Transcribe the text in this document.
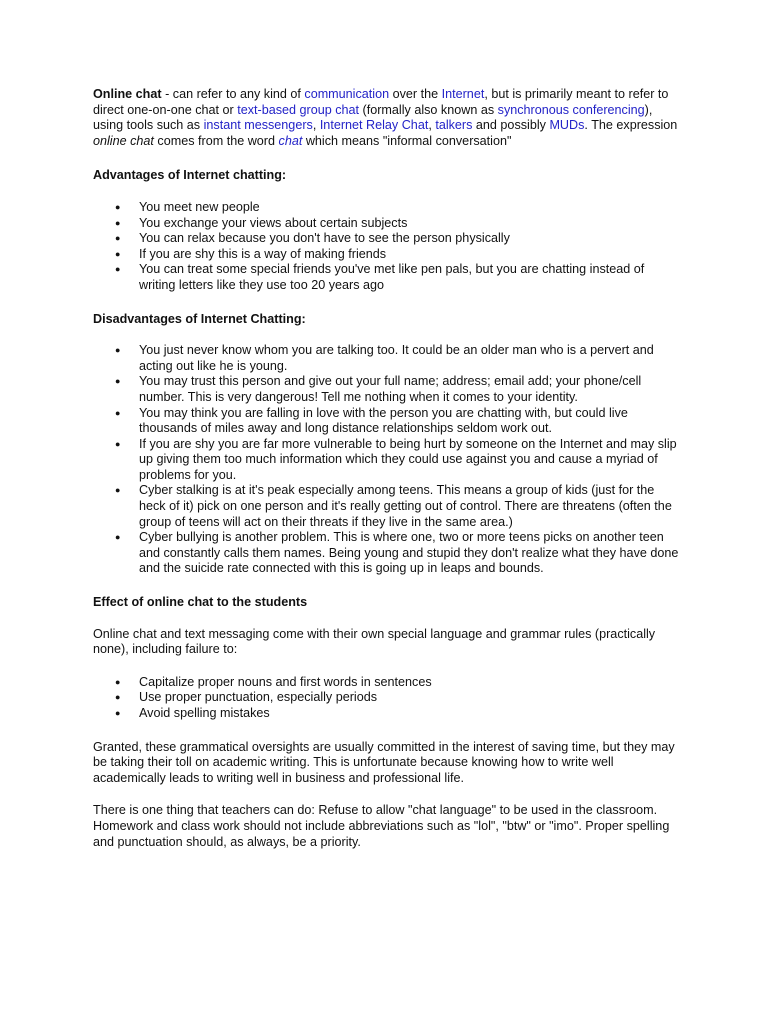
Online chat - can refer to any kind of communication over the Internet, but is primarily meant to refer to direct one-on-one chat or text-based group chat (formally also known as synchronous conferencing), using tools such as instant messengers, Internet Relay Chat, talkers and possibly MUDs. The expression online chat comes from the word chat which means "informal conversation"

Advantages of Internet chatting:
● You meet new people
● You exchange your views about certain subjects
● You can relax because you don't have to see the person physically
● If you are shy this is a way of making friends
● You can treat some special friends you've met like pen pals, but you are chatting instead of writing letters like they use too 20 years ago
Disadvantages of Internet Chatting:
● You just never know whom you are talking too. It could be an older man who is a pervert and acting out like he is young.
● You may trust this person and give out your full name; address; email add; your phone/cell number. This is very dangerous! Tell me nothing when it comes to your identity.
● You may think you are falling in love with the person you are chatting with, but could live thousands of miles away and long distance relationships seldom work out.
● If you are shy you are far more vulnerable to being hurt by someone on the Internet and may slip up giving them too much information which they could use against you and cause a myriad of problems for you.
● Cyber stalking is at it's peak especially among teens. This means a group of kids (just for the heck of it) pick on one person and it's really getting out of control. There are threatens (often the group of teens will act on their threats if they live in the same area.)
● Cyber bullying is another problem. This is where one, two or more teens picks on another teen and constantly calls them names. Being young and stupid they don't realize what they have done and the suicide rate connected with this is going up in leaps and bounds.
Effect of online chat to the students

Online chat and text messaging come with their own special language and grammar rules (practically none), including failure to:

● Capitalize proper nouns and first words in sentences
● Use proper punctuation, especially periods
● Avoid spelling mistakes

Granted, these grammatical oversights are usually committed in the interest of saving time, but they may be taking their toll on academic writing. This is unfortunate because knowing how to write well academically leads to writing well in business and professional life.

There is one thing that teachers can do: Refuse to allow "chat language" to be used in the classroom. Homework and class work should not include abbreviations such as "lol", "btw" or "imo". Proper spelling and punctuation should, as always, be a priority.
